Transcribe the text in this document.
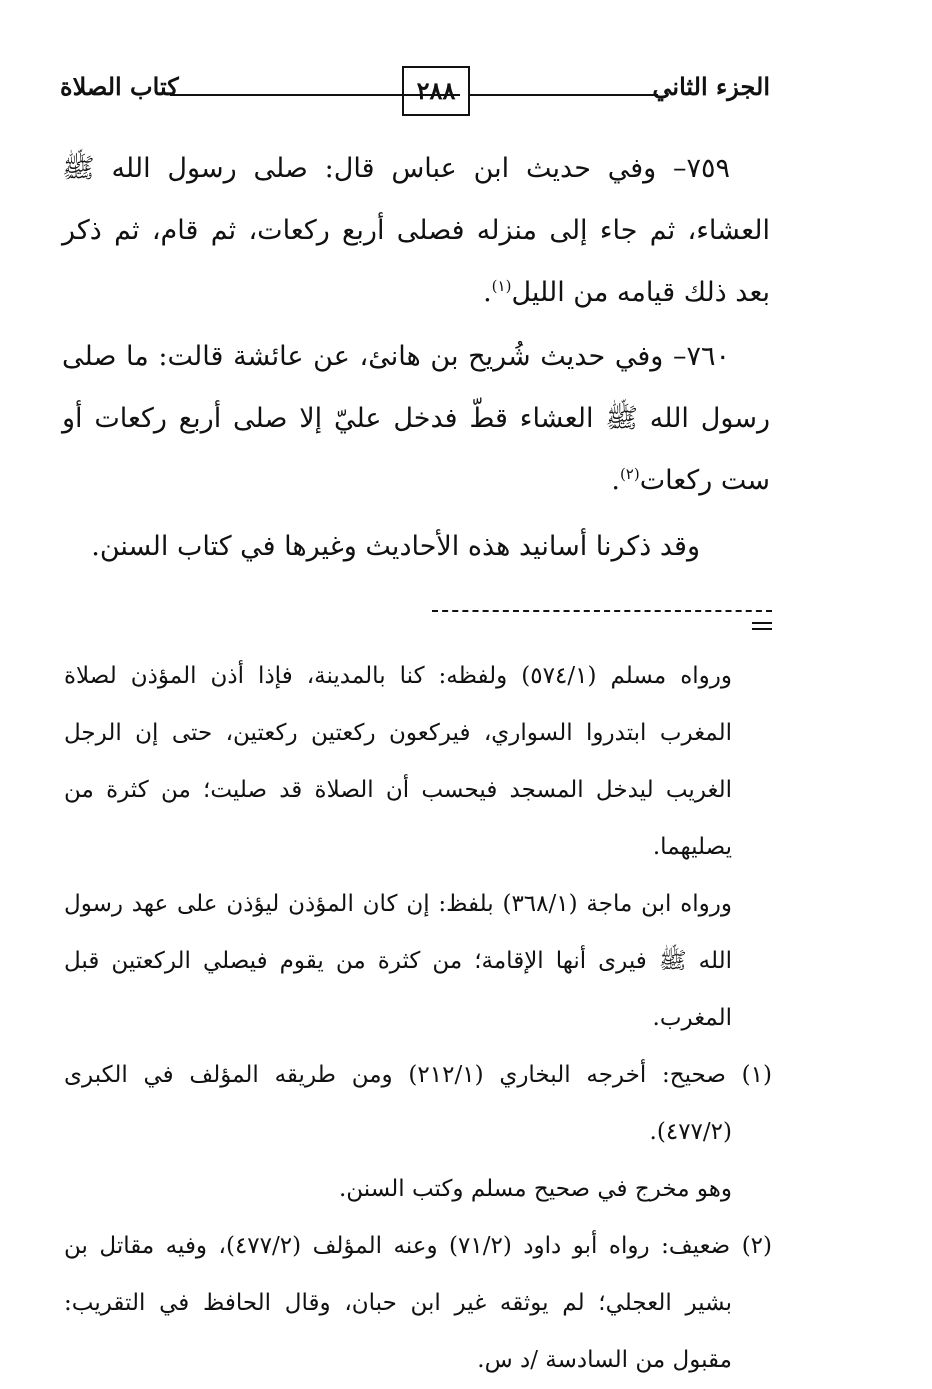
الجزء الثاني
٢٨٨
كتاب الصلاة

٧٥٩– وفي حديث ابن عباس قال: صلى رسول الله ﷺ العشاء، ثم جاء إلى منزله فصلى أربع ركعات، ثم قام، ثم ذكر بعد ذلك قيامه من الليل$^{(١)}$.

٧٦٠– وفي حديث شُريح بن هانئ، عن عائشة قالت: ما صلى رسول الله ﷺ العشاء قطّ فدخل عليّ إلا صلى أربع ركعات أو ست ركعات$^{(٢)}$.

وقد ذكرنا أسانيد هذه الأحاديث وغيرها في كتاب السنن.

ورواه مسلم (٥٧٤/١) ولفظه: كنا بالمدينة، فإذا أذن المؤذن لصلاة المغرب ابتدروا السواري، فيركعون ركعتين ركعتين، حتى إن الرجل الغريب ليدخل المسجد فيحسب أن الصلاة قد صليت؛ من كثرة من يصليهما.

ورواه ابن ماجة (٣٦٨/١) بلفظ: إن كان المؤذن ليؤذن على عهد رسول الله ﷺ فيرى أنها الإقامة؛ من كثرة من يقوم فيصلي الركعتين قبل المغرب.

(١) صحيح: أخرجه البخاري (٢١٢/١) ومن طريقه المؤلف في الكبرى (٤٧٧/٢).

وهو مخرج في صحيح مسلم وكتب السنن.

(٢) ضعيف: رواه أبو داود (٧١/٢) وعنه المؤلف (٤٧٧/٢)، وفيه مقاتل بن بشير العجلي؛ لم يوثقه غير ابن حبان، وقال الحافظ في التقريب: مقبول من السادسة /د س.
